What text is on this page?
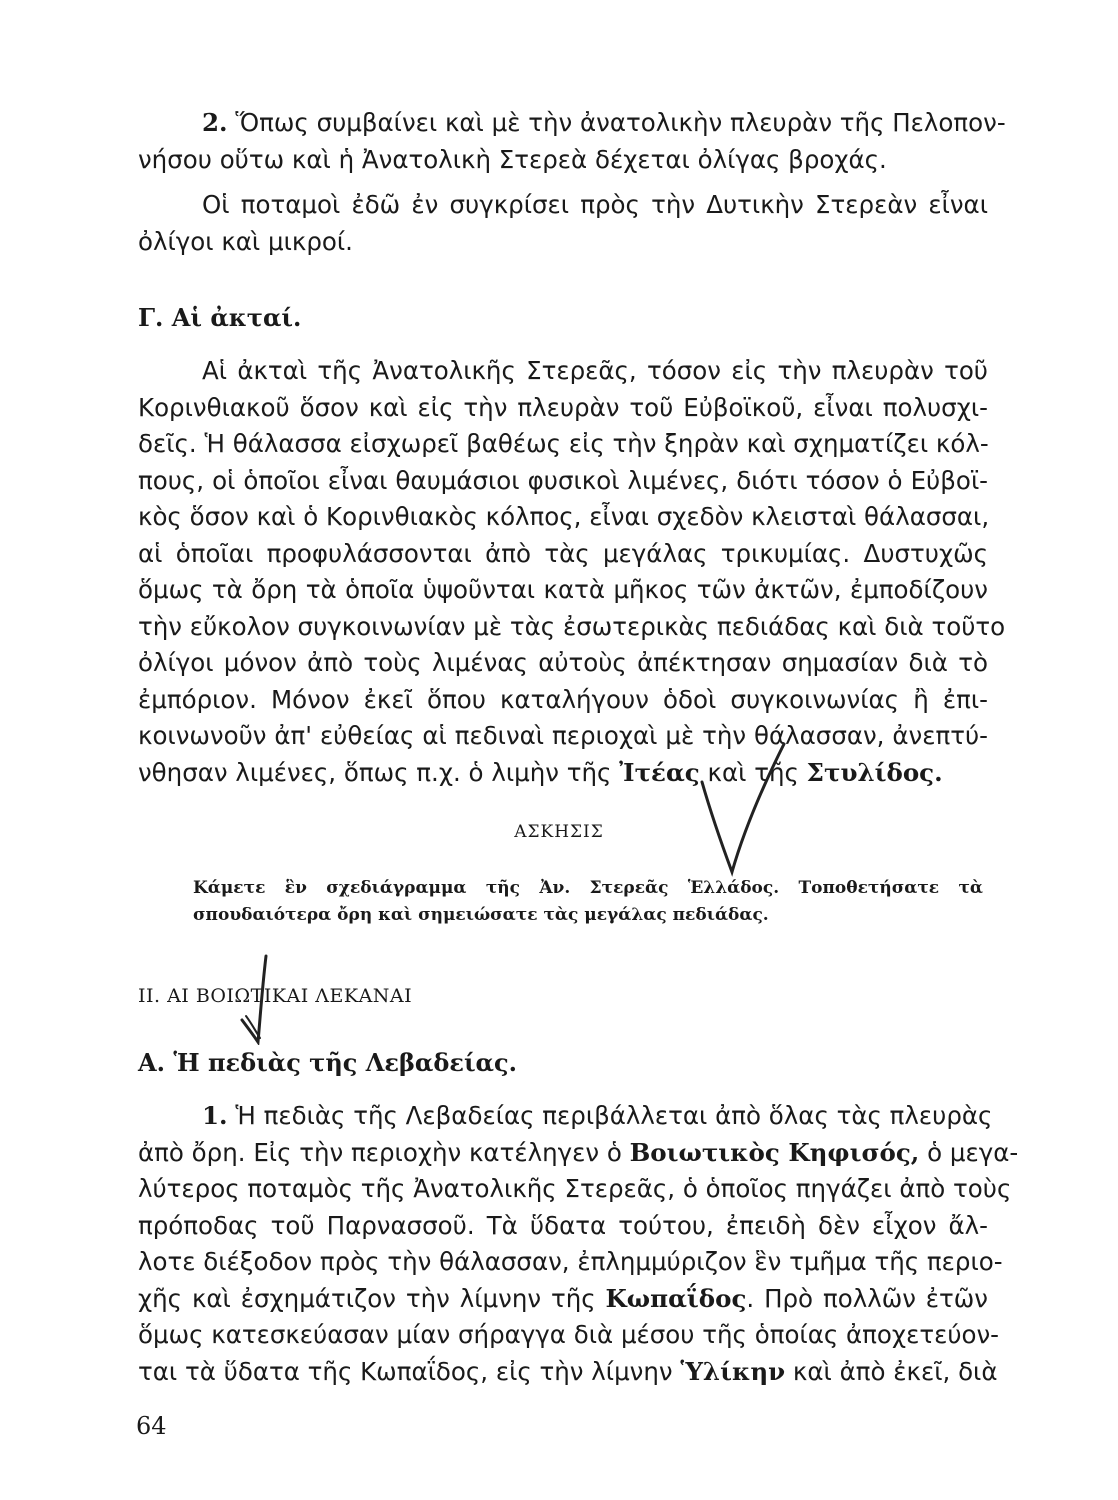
2. Ὅπως συμβαίνει καὶ μὲ τὴν ἀνατολικὴν πλευρὰν τῆς Πελοπον-
νήσου οὕτω καὶ ἡ Ἀνατολικὴ Στερεὰ δέχεται ὀλίγας βροχάς.
Οἱ ποταμοὶ ἐδῶ ἐν συγκρίσει πρὸς τὴν Δυτικὴν Στερεὰν εἶναι
ὀλίγοι καὶ μικροί.
Γ. Αἱ ἀκταί.
Αἱ ἀκταὶ τῆς Ἀνατολικῆς Στερεᾶς, τόσον εἰς τὴν πλευρὰν τοῦ
Κορινθιακοῦ ὅσον καὶ εἰς τὴν πλευρὰν τοῦ Εὐβοϊκοῦ, εἶναι πολυσχι-
δεῖς. Ἡ θάλασσα εἰσχωρεῖ βαθέως εἰς τὴν ξηρὰν καὶ σχηματίζει κόλ-
πους, οἱ ὁποῖοι εἶναι θαυμάσιοι φυσικοὶ λιμένες, διότι τόσον ὁ Εὐβοϊ-
κὸς ὅσον καὶ ὁ Κορινθιακὸς κόλπος, εἶναι σχεδὸν κλεισταὶ θάλασσαι,
αἱ ὁποῖαι προφυλάσσονται ἀπὸ τὰς μεγάλας τρικυμίας. Δυστυχῶς
ὅμως τὰ ὄρη τὰ ὁποῖα ὑψοῦνται κατὰ μῆκος τῶν ἀκτῶν, ἐμποδίζουν
τὴν εὔκολον συγκοινωνίαν μὲ τὰς ἐσωτερικὰς πεδιάδας καὶ διὰ τοῦτο
ὀλίγοι μόνον ἀπὸ τοὺς λιμένας αὐτοὺς ἀπέκτησαν σημασίαν διὰ τὸ
ἐμπόριον. Μόνον ἐκεῖ ὅπου καταλήγουν ὁδοὶ συγκοινωνίας ἢ ἐπι-
κοινωνοῦν ἀπ' εὐθείας αἱ πεδιναὶ περιοχαὶ μὲ τὴν θάλασσαν, ἀνεπτύ-
νθησαν λιμένες, ὅπως π.χ. ὁ λιμὴν τῆς Ἰτέας καὶ τῆς Στυλίδος.

ΑΣΚΗΣΙΣ

Κάμετε ἓν σχεδιάγραμμα τῆς Ἀν. Στερεᾶς Ἑλλάδος. Τοποθετήσατε τὰ σπουδαιότερα ὄρη καὶ σημειώσατε τὰς μεγάλας πεδιάδας.

II. ΑΙ ΒΟΙΩΤΙΚΑΙ ΛΕΚΑΝΑΙ

Α. Ἡ πεδιὰς τῆς Λεβαδείας.
1. Ἡ πεδιὰς τῆς Λεβαδείας περιβάλλεται ἀπὸ ὅλας τὰς πλευρὰς
ἀπὸ ὄρη. Εἰς τὴν περιοχὴν κατέληγεν ὁ Βοιωτικὸς Κηφισός, ὁ μεγα-
λύτερος ποταμὸς τῆς Ἀνατολικῆς Στερεᾶς, ὁ ὁποῖος πηγάζει ἀπὸ τοὺς
πρόποδας τοῦ Παρνασσοῦ. Τὰ ὕδατα τούτου, ἐπειδὴ δὲν εἶχον ἄλ-
λοτε διέξοδον πρὸς τὴν θάλασσαν, ἐπλημμύριζον ἓν τμῆμα τῆς περιο-
χῆς καὶ ἐσχημάτιζον τὴν λίμνην τῆς Κωπαΐδος. Πρὸ πολλῶν ἐτῶν
ὅμως κατεσκεύασαν μίαν σήραγγα διὰ μέσου τῆς ὁποίας ἀποχετεύον-
ται τὰ ὕδατα τῆς Κωπαΐδος, εἰς τὴν λίμνην Ὑλίκην καὶ ἀπὸ ἐκεῖ, διὰ

64
